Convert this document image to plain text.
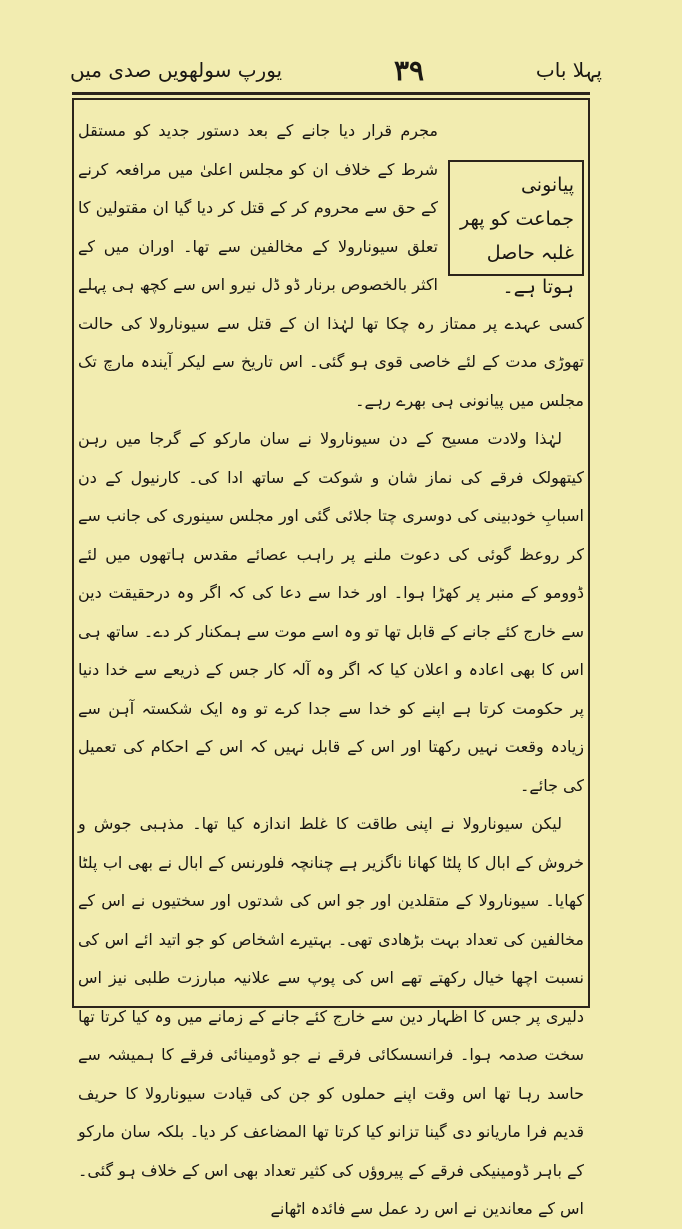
یورپ سولھویں صدی میں	۳۹	پہلا باب
پیانونی جماعت کو پھر غلبہ حاصل ہوتا ہے۔

مجرم قرار دیا جانے کے بعد دستور جدید کو مستقل شرط کے خلاف ان کو مجلس اعلیٰ میں مرافعہ کرنے کے حق سے محروم کر کے قتل کر دیا گیا ان مقتولین کا تعلق سیونارولا کے مخالفین سے تھا۔ اوران میں کے اکثر بالخصوص برنار ڈو ڈل نیرو اس سے کچھ ہی پہلے کسی عہدے پر ممتاز رہ چکا تھا لہٰذا ان کے قتل سے سیونارولا کی حالت تھوڑی مدت کے لئے خاصی قوی ہو گئی۔ اس تاریخ سے لیکر آیندہ مارچ تک مجلس میں پیانونی ہی بھرے رہے۔

لہٰذا ولادت مسیح کے دن سیونارولا نے سان مارکو کے گرجا میں رہن کیتھولک فرقے کی نماز شان و شوکت کے ساتھ ادا کی۔ کارنیول کے دن اسبابِ خودبینی کی دوسری چتا جلائی گئی اور مجلس سینوری کی جانب سے کر روعظ گوئی کی دعوت ملنے پر راہب عصائے مقدس ہاتھوں میں لئے ڈوومو کے منبر پر کھڑا ہوا۔ اور خدا سے دعا کی کہ اگر وہ درحقیقت دین سے خارج کئے جانے کے قابل تھا تو وہ اسے موت سے ہمکنار کر دے۔ ساتھ ہی اس کا بھی اعادہ و اعلان کیا کہ اگر وہ آلہ کار جس کے ذریعے سے خدا دنیا پر حکومت کرتا ہے اپنے کو خدا سے جدا کرے تو وہ ایک شکستہ آہن سے زیادہ وقعت نہیں رکھتا اور اس کے قابل نہیں کہ اس کے احکام کی تعمیل کی جائے۔

لیکن سیونارولا نے اپنی طاقت کا غلط اندازہ کیا تھا۔ مذہبی جوش و خروش کے ابال کا پلٹا کھانا ناگزیر ہے چنانچہ فلورنس کے ابال نے بھی اب پلٹا کھایا۔ سیونارولا کے متقلدین اور جو اس کی شدتوں اور سختیوں نے اس کے مخالفین کی تعداد بہت بڑھادی تھی۔ بہتیرے اشخاص کو جو اتید ائے اس کی نسبت اچھا خیال رکھتے تھے اس کی پوپ سے علانیہ مبارزت طلبی نیز اس دلیری پر جس کا اظہار دین سے خارج کئے جانے کے زمانے میں وہ کیا کرتا تھا سخت صدمہ ہوا۔ فرانسسکائی فرقے نے جو ڈومینائی فرقے کا ہمیشہ سے حاسد رہا تھا اس وقت اپنے حملوں کو جن کی قیادت سیونارولا کا حریف قدیم فرا ماریانو دی گینا تزانو کیا کرتا تھا المضاعف کر دیا۔ بلکہ سان مارکو کے باہر ڈومینیکی فرقے کے پیروؤں کی کثیر تعداد بھی اس کے خلاف ہو گئی۔ اس کے معاندین نے اس رد عمل سے فائدہ اٹھانے
